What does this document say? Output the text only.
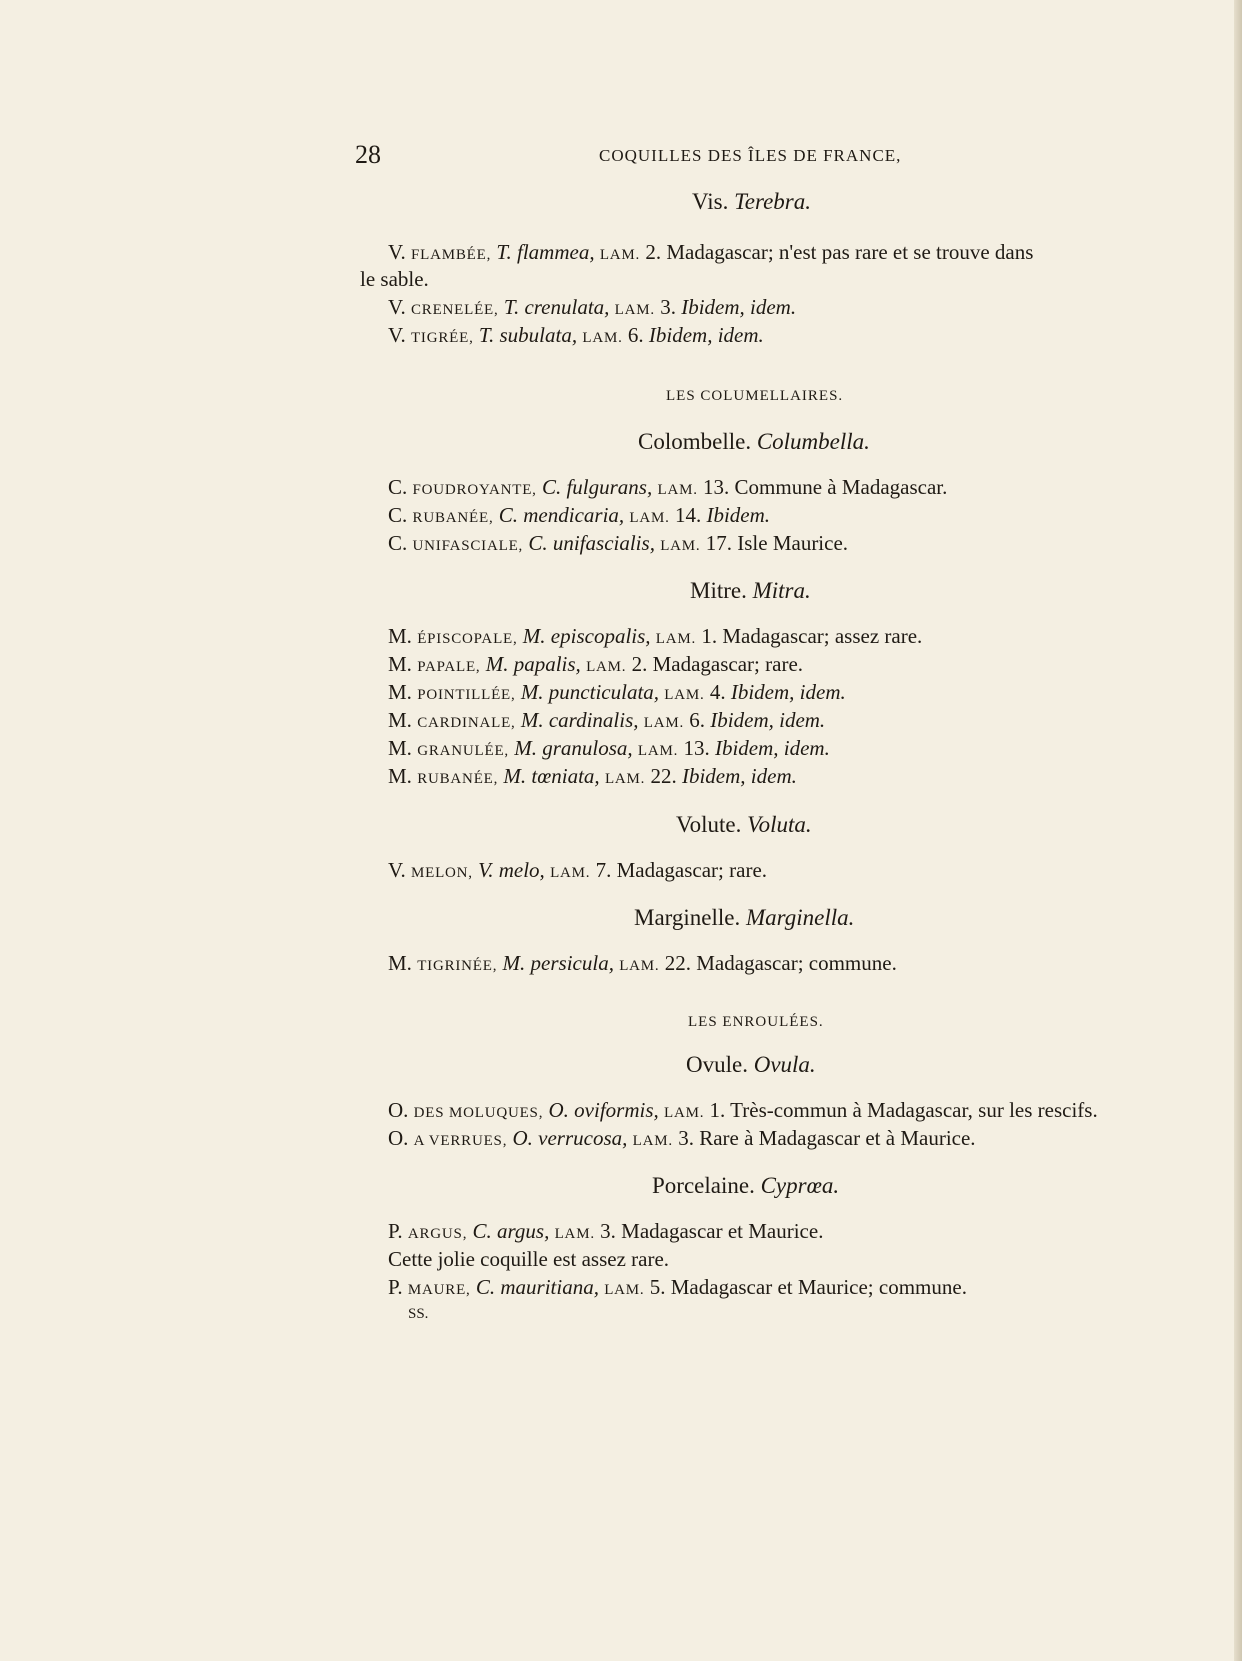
28	COQUILLES DES ÎLES DE FRANCE,
Vis. Terebra.
V. FLAMBÉE, T. flammea, LAM. 2. Madagascar; n'est pas rare et se trouve dans
le sable.
V. CRENELÉE, T. crenulata, LAM. 3. Ibidem, idem.
V. TIGRÉE, T. subulata, LAM. 6. Ibidem, idem.
LES COLUMELLAIRES.
Colombelle. Columbella.
C. FOUDROYANTE, C. fulgurans, LAM. 13. Commune à Madagascar.
C. RUBANÉE, C. mendicaria, LAM. 14. Ibidem.
C. UNIFASCIALE, C. unifascialis, LAM. 17. Isle Maurice.
Mitre. Mitra.
M. ÉPISCOPALE, M. episcopalis, LAM. 1. Madagascar; assez rare.
M. PAPALE, M. papalis, LAM. 2. Madagascar; rare.
M. POINTILLÉE, M. puncticulata, LAM. 4. Ibidem, idem.
M. CARDINALE, M. cardinalis, LAM. 6. Ibidem, idem.
M. GRANULÉE, M. granulosa, LAM. 13. Ibidem, idem.
M. RUBANÉE, M. tœniata, LAM. 22. Ibidem, idem.
Volute. Voluta.
V. MELON, V. melo, LAM. 7. Madagascar; rare.
Marginelle. Marginella.
M. TIGRINÉE, M. persicula, LAM. 22. Madagascar; commune.
LES ENROULÉES.
Ovule. Ovula.
O. DES MOLUQUES, O. oviformis, LAM. 1. Très-commun à Madagascar, sur les rescifs.
O. A VERRUES, O. verrucosa, LAM. 3. Rare à Madagascar et à Maurice.
Porcelaine. Cyprœa.
P. ARGUS, C. argus, LAM. 3. Madagascar et Maurice.
Cette jolie coquille est assez rare.
P. MAURE, C. mauritiana, LAM. 5. Madagascar et Maurice; commune.
SS.
